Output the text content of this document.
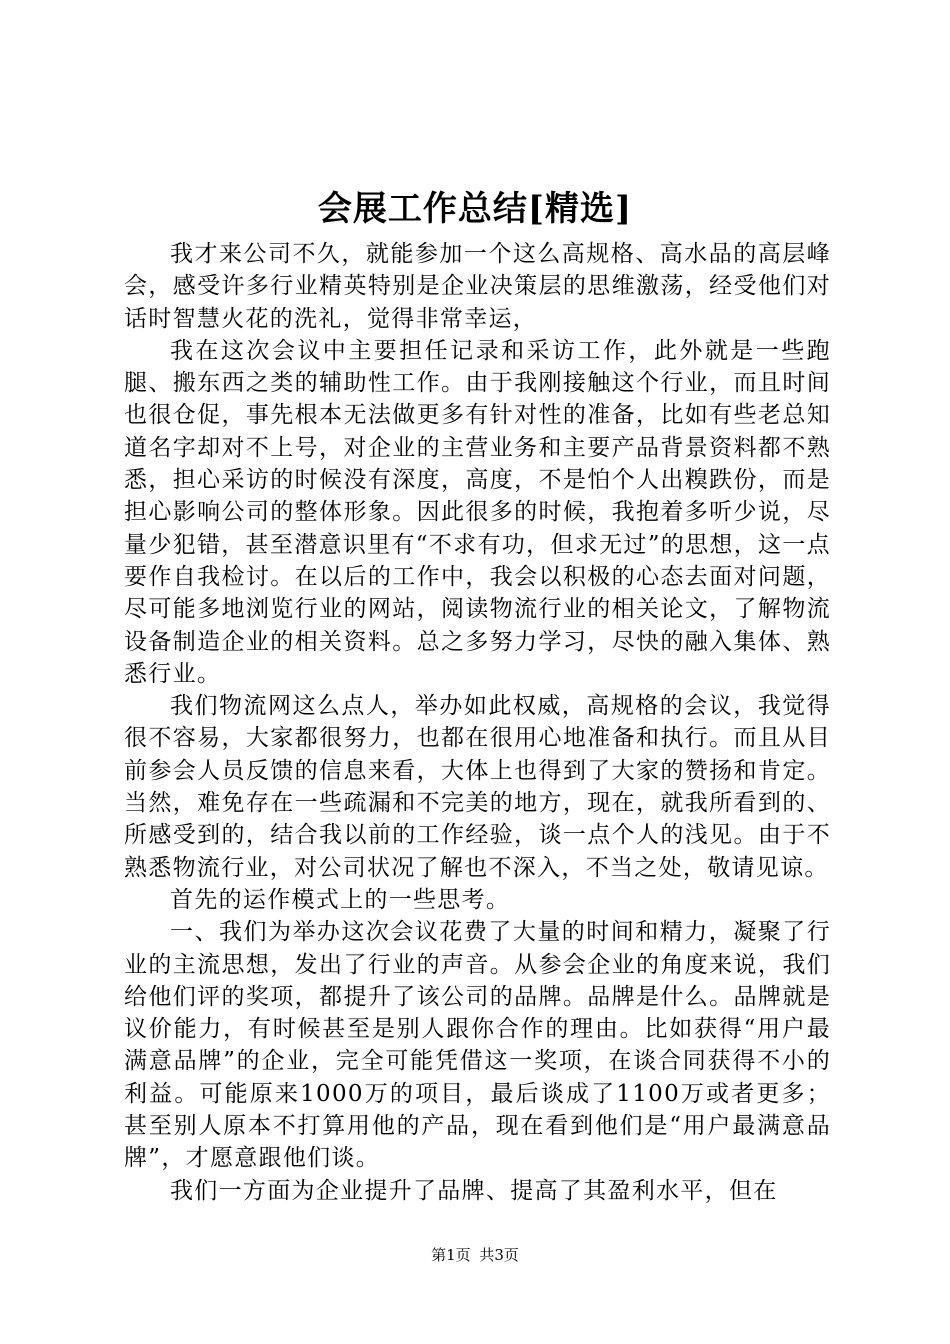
会展工作总结[精选]

我才来公司不久，就能参加一个这么高规格、高水品的高层峰会，感受许多行业精英特别是企业决策层的思维激荡，经受他们对话时智慧火花的洗礼，觉得非常幸运，

我在这次会议中主要担任记录和采访工作，此外就是一些跑腿、搬东西之类的辅助性工作。由于我刚接触这个行业，而且时间也很仓促，事先根本无法做更多有针对性的准备，比如有些老总知道名字却对不上号，对企业的主营业务和主要产品背景资料都不熟悉，担心采访的时候没有深度，高度，不是怕个人出糗跌份，而是担心影响公司的整体形象。因此很多的时候，我抱着多听少说，尽量少犯错，甚至潜意识里有“不求有功，但求无过”的思想，这一点要作自我检讨。在以后的工作中，我会以积极的心态去面对问题，尽可能多地浏览行业的网站，阅读物流行业的相关论文，了解物流设备制造企业的相关资料。总之多努力学习，尽快的融入集体、熟悉行业。

我们物流网这么点人，举办如此权威，高规格的会议，我觉得很不容易，大家都很努力，也都在很用心地准备和执行。而且从目前参会人员反馈的信息来看，大体上也得到了大家的赞扬和肯定。当然，难免存在一些疏漏和不完美的地方，现在，就我所看到的、所感受到的，结合我以前的工作经验，谈一点个人的浅见。由于不熟悉物流行业，对公司状况了解也不深入，不当之处，敬请见谅。

首先的运作模式上的一些思考。

一、我们为举办这次会议花费了大量的时间和精力，凝聚了行业的主流思想，发出了行业的声音。从参会企业的角度来说，我们给他们评的奖项，都提升了该公司的品牌。品牌是什么。品牌就是议价能力，有时候甚至是别人跟你合作的理由。比如获得“用户最满意品牌”的企业，完全可能凭借这一奖项，在谈合同获得不小的利益。可能原来1000万的项目，最后谈成了1100万或者更多；甚至别人原本不打算用他的产品，现在看到他们是“用户最满意品牌”，才愿意跟他们谈。

我们一方面为企业提升了品牌、提高了其盈利水平，但在

第1页 共3页
